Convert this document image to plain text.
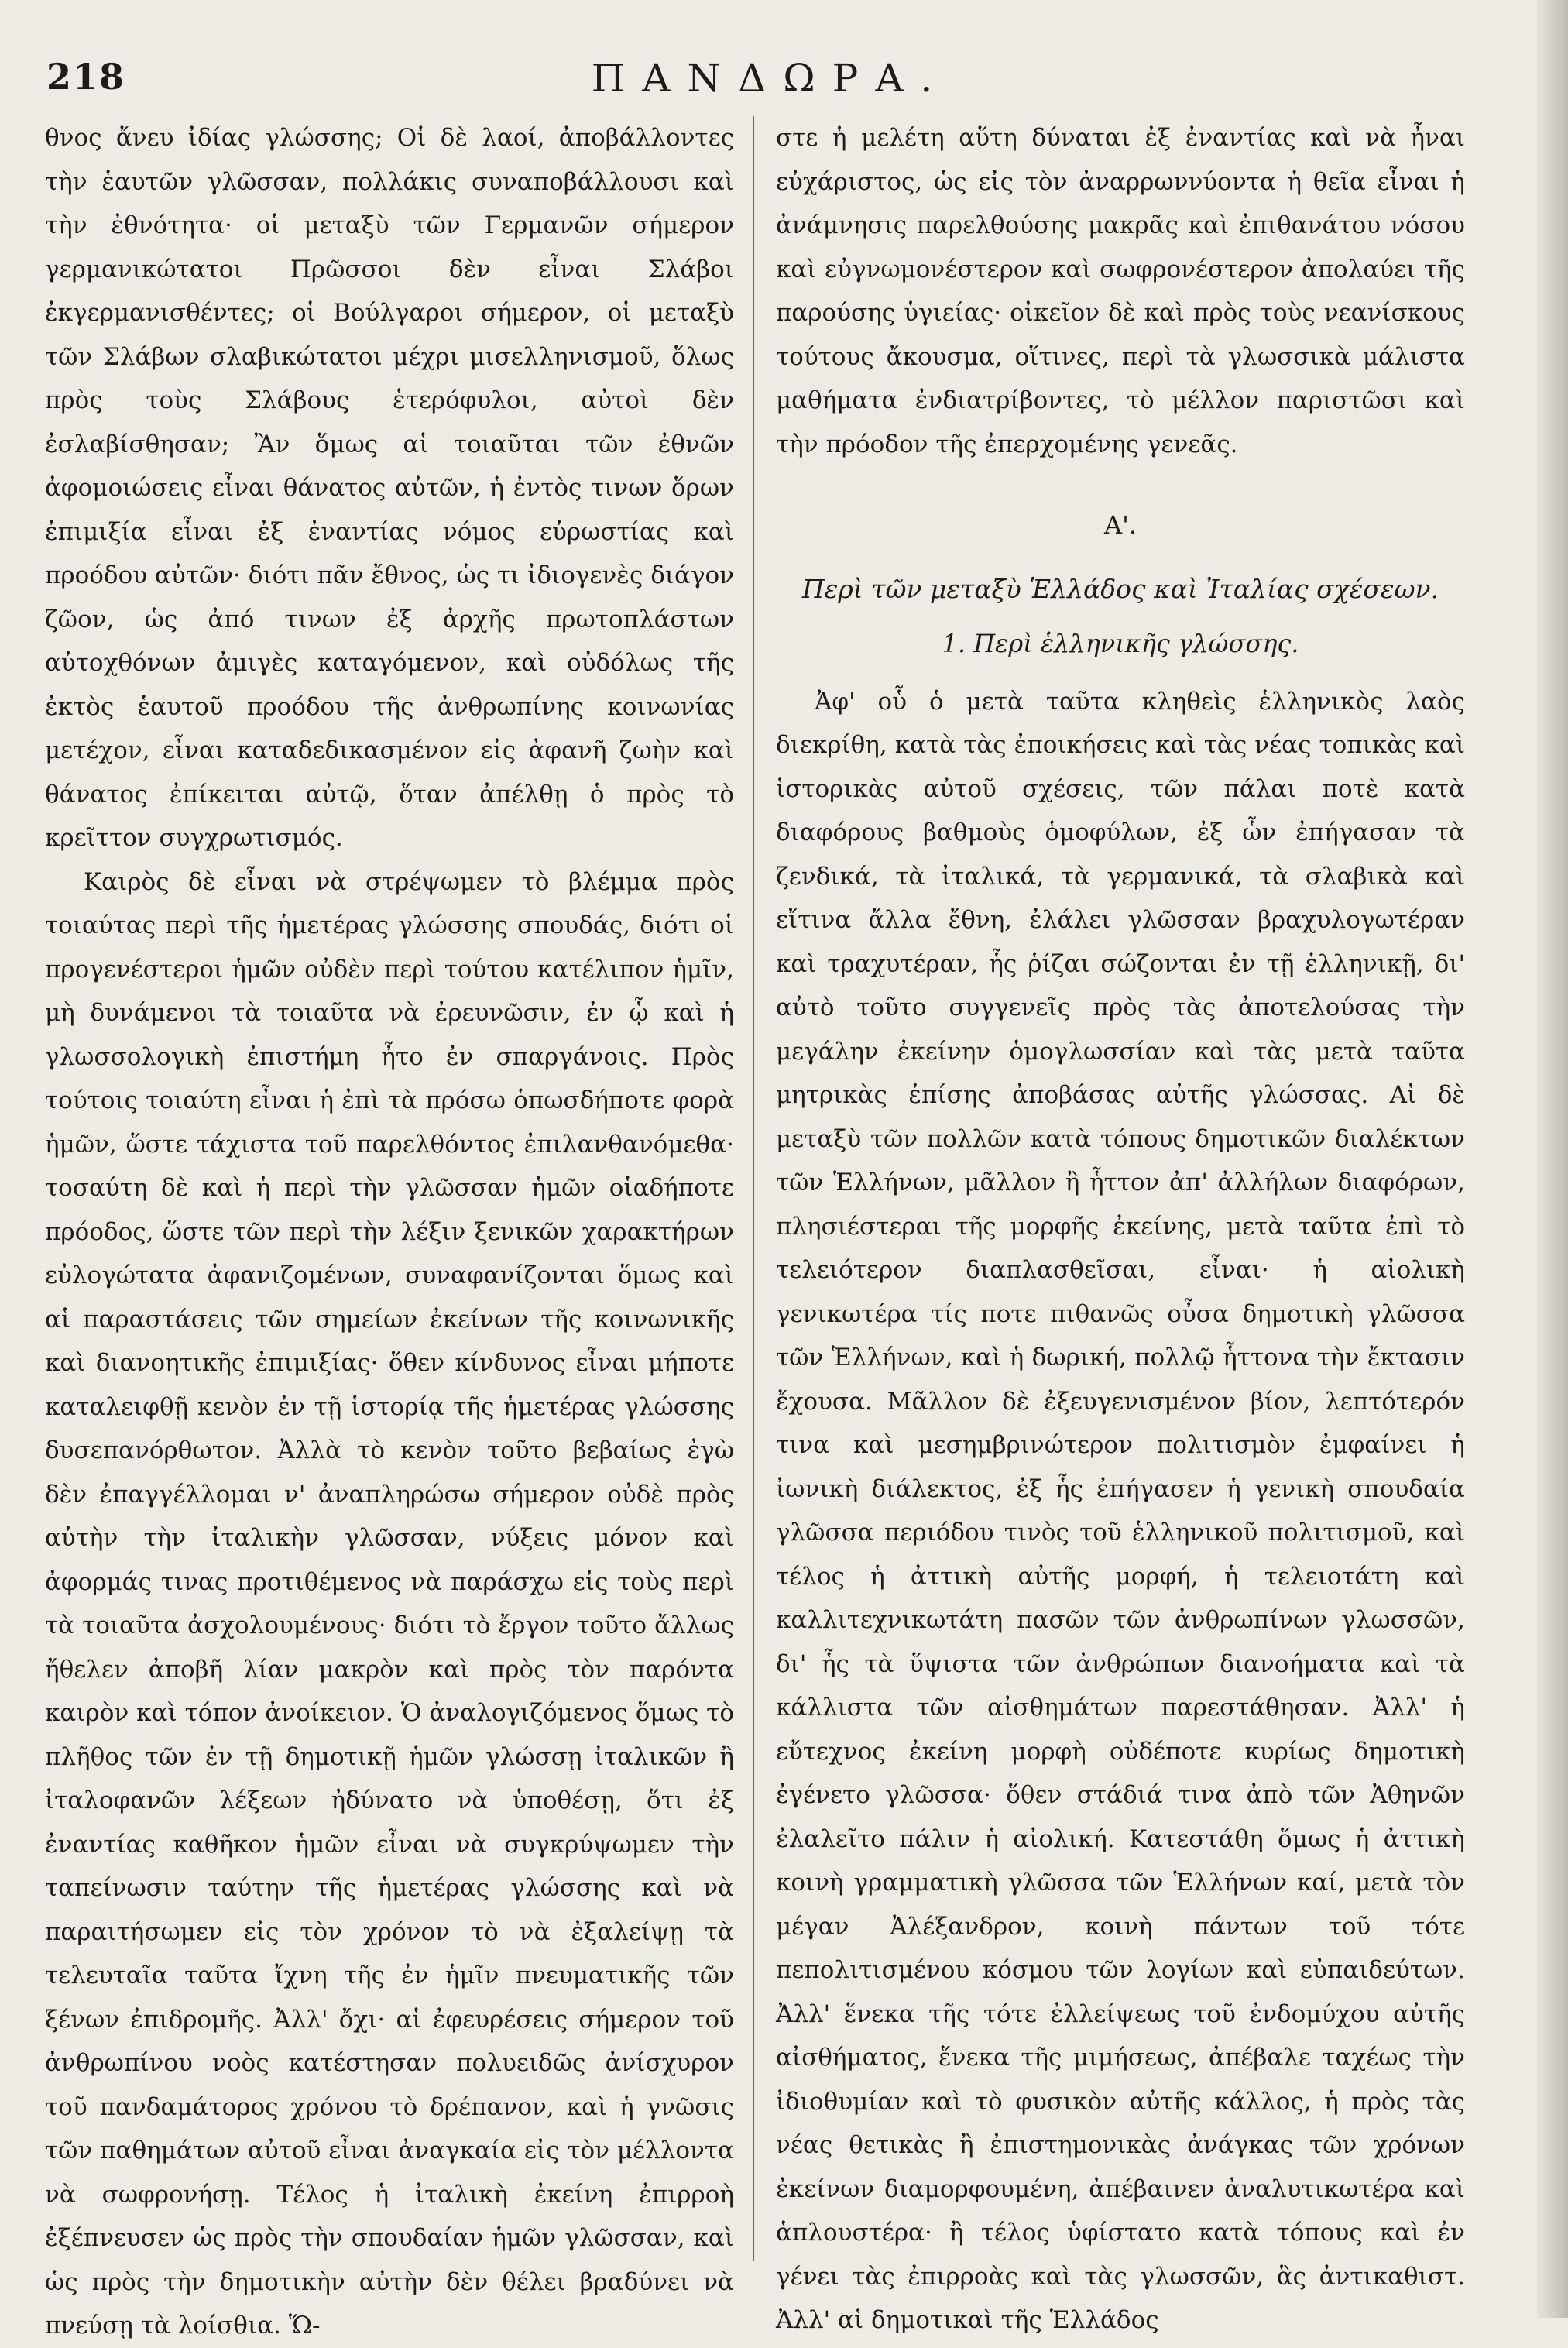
218	ΠΑΝΔΩΡΑ.

θνος ἄνευ ἰδίας γλώσσης; Οἱ δὲ λαοί, ἀποβάλλοντες τὴν ἑαυτῶν γλῶσσαν, πολλάκις συναποβάλλουσι καὶ τὴν ἐθνότητα· οἱ μεταξὺ τῶν Γερμανῶν σήμερον γερμανικώτατοι Πρῶσσοι δὲν εἶναι Σλάβοι ἐκγερμανισθέντες; οἱ Βούλγαροι σήμερον, οἱ μεταξὺ τῶν Σλάβων σλαβικώτατοι μέχρι μισελληνισμοῦ, ὅλως πρὸς τοὺς Σλάβους ἑτερόφυλοι, αὐτοὶ δὲν ἐσλαβίσθησαν; Ἂν ὅμως αἱ τοιαῦται τῶν ἐθνῶν ἀφομοιώσεις εἶναι θάνατος αὐτῶν, ἡ ἐντὸς τινων ὅρων ἐπιμιξία εἶναι ἐξ ἐναντίας νόμος εὐρωστίας καὶ προόδου αὐτῶν· διότι πᾶν ἔθνος, ὡς τι ἰδιογενὲς διάγον ζῶον, ὡς ἀπό τινων ἐξ ἀρχῆς πρωτοπλάστων αὐτοχθόνων ἀμιγὲς καταγόμενον, καὶ οὐδόλως τῆς ἐκτὸς ἑαυτοῦ προόδου τῆς ἀνθρωπίνης κοινωνίας μετέχον, εἶναι καταδεδικασμένον εἰς ἀφανῆ ζωὴν καὶ θάνατος ἐπίκειται αὐτῷ, ὅταν ἀπέλθῃ ὁ πρὸς τὸ κρεῖττον συγχρωτισμός.

Καιρὸς δὲ εἶναι νὰ στρέψωμεν τὸ βλέμμα πρὸς τοιαύτας περὶ τῆς ἡμετέρας γλώσσης σπουδάς, διότι οἱ προγενέστεροι ἡμῶν οὐδὲν περὶ τούτου κατέλιπον ἡμῖν, μὴ δυνάμενοι τὰ τοιαῦτα νὰ ἐρευνῶσιν, ἐν ᾧ καὶ ἡ γλωσσολογικὴ ἐπιστήμη ἦτο ἐν σπαργάνοις. Πρὸς τούτοις τοιαύτη εἶναι ἡ ἐπὶ τὰ πρόσω ὁπωσδήποτε φορὰ ἡμῶν, ὥστε τάχιστα τοῦ παρελθόντος ἐπιλανθανόμεθα· τοσαύτη δὲ καὶ ἡ περὶ τὴν γλῶσσαν ἡμῶν οἱαδήποτε πρόοδος, ὥστε τῶν περὶ τὴν λέξιν ξενικῶν χαρακτήρων εὐλογώτατα ἀφανιζομένων, συναφανίζονται ὅμως καὶ αἱ παραστάσεις τῶν σημείων ἐκείνων τῆς κοινωνικῆς καὶ διανοητικῆς ἐπιμιξίας· ὅθεν κίνδυνος εἶναι μήποτε καταλειφθῇ κενὸν ἐν τῇ ἱστορίᾳ τῆς ἡμετέρας γλώσσης δυσεπανόρθωτον. Ἀλλὰ τὸ κενὸν τοῦτο βεβαίως ἐγὼ δὲν ἐπαγγέλλομαι ν' ἀναπληρώσω σήμερον οὐδὲ πρὸς αὐτὴν τὴν ἰταλικὴν γλῶσσαν, νύξεις μόνον καὶ ἀφορμάς τινας προτιθέμενος νὰ παράσχω εἰς τοὺς περὶ τὰ τοιαῦτα ἀσχολουμένους· διότι τὸ ἔργον τοῦτο ἄλλως ἤθελεν ἀποβῆ λίαν μακρὸν καὶ πρὸς τὸν παρόντα καιρὸν καὶ τόπον ἀνοίκειον. Ὁ ἀναλογιζόμενος ὅμως τὸ πλῆθος τῶν ἐν τῇ δημοτικῇ ἡμῶν γλώσσῃ ἰταλικῶν ἢ ἰταλοφανῶν λέξεων ἠδύνατο νὰ ὑποθέσῃ, ὅτι ἐξ ἐναντίας καθῆκον ἡμῶν εἶναι νὰ συγκρύψωμεν τὴν ταπείνωσιν ταύτην τῆς ἡμετέρας γλώσσης καὶ νὰ παραιτήσωμεν εἰς τὸν χρόνον τὸ νὰ ἐξαλείψῃ τὰ τελευταῖα ταῦτα ἴχνη τῆς ἐν ἡμῖν πνευματικῆς τῶν ξένων ἐπιδρομῆς. Ἀλλ' ὄχι· αἱ ἐφευρέσεις σήμερον τοῦ ἀνθρωπίνου νοὸς κατέστησαν πολυειδῶς ἀνίσχυρον τοῦ πανδαμάτορος χρόνου τὸ δρέπανον, καὶ ἡ γνῶσις τῶν παθημάτων αὐτοῦ εἶναι ἀναγκαία εἰς τὸν μέλλοντα νὰ σωφρονήσῃ. Τέλος ἡ ἰταλικὴ ἐκείνη ἐπιρροὴ ἐξέπνευσεν ὡς πρὸς τὴν σπουδαίαν ἡμῶν γλῶσσαν, καὶ ὡς πρὸς τὴν δημοτικὴν αὐτὴν δὲν θέλει βραδύνει νὰ πνεύσῃ τὰ λοίσθια. Ὥ-

στε ἡ μελέτη αὕτη δύναται ἐξ ἐναντίας καὶ νὰ ἦναι εὐχάριστος, ὡς εἰς τὸν ἀναρρωννύοντα ἡ θεῖα εἶναι ἡ ἀνάμνησις παρελθούσης μακρᾶς καὶ ἐπιθανάτου νόσου καὶ εὐγνωμονέστερον καὶ σωφρονέστερον ἀπολαύει τῆς παρούσης ὑγιείας· οἰκεῖον δὲ καὶ πρὸς τοὺς νεανίσκους τούτους ἄκουσμα, οἵτινες, περὶ τὰ γλωσσικὰ μάλιστα μαθήματα ἐνδιατρίβοντες, τὸ μέλλον παριστῶσι καὶ τὴν πρόοδον τῆς ἐπερχομένης γενεᾶς.

Α'.
Περὶ τῶν μεταξὺ Ἑλλάδος καὶ Ἰταλίας σχέσεων.
1. Περὶ ἑλληνικῆς γλώσσης.

Ἀφ' οὗ ὁ μετὰ ταῦτα κληθεὶς ἑλληνικὸς λαὸς διεκρίθη, κατὰ τὰς ἐποικήσεις καὶ τὰς νέας τοπικὰς καὶ ἱστορικὰς αὐτοῦ σχέσεις, τῶν πάλαι ποτὲ κατὰ διαφόρους βαθμοὺς ὁμοφύλων, ἐξ ὧν ἐπήγασαν τὰ ζενδικά, τὰ ἰταλικά, τὰ γερμανικά, τὰ σλαβικὰ καὶ εἴτινα ἄλλα ἔθνη, ἐλάλει γλῶσσαν βραχυλογωτέραν καὶ τραχυτέραν, ἧς ῥίζαι σώζονται ἐν τῇ ἑλληνικῇ, δι' αὐτὸ τοῦτο συγγενεῖς πρὸς τὰς ἀποτελούσας τὴν μεγάλην ἐκείνην ὁμογλωσσίαν καὶ τὰς μετὰ ταῦτα μητρικὰς ἐπίσης ἀποβάσας αὐτῆς γλώσσας. Αἱ δὲ μεταξὺ τῶν πολλῶν κατὰ τόπους δημοτικῶν διαλέκτων τῶν Ἑλλήνων, μᾶλλον ἢ ἧττον ἀπ' ἀλλήλων διαφόρων, πλησιέστεραι τῆς μορφῆς ἐκείνης, μετὰ ταῦτα ἐπὶ τὸ τελειότερον διαπλασθεῖσαι, εἶναι· ἡ αἰολικὴ γενικωτέρα τίς ποτε πιθανῶς οὖσα δημοτικὴ γλῶσσα τῶν Ἑλλήνων, καὶ ἡ δωρική, πολλῷ ἧττονα τὴν ἔκτασιν ἔχουσα. Μᾶλλον δὲ ἐξευγενισμένον βίον, λεπτότερόν τινα καὶ μεσημβρινώτερον πολιτισμὸν ἐμφαίνει ἡ ἰωνικὴ διάλεκτος, ἐξ ἧς ἐπήγασεν ἡ γενικὴ σπουδαία γλῶσσα περιόδου τινὸς τοῦ ἑλληνικοῦ πολιτισμοῦ, καὶ τέλος ἡ ἀττικὴ αὐτῆς μορφή, ἡ τελειοτάτη καὶ καλλιτεχνικωτάτη πασῶν τῶν ἀνθρωπίνων γλωσσῶν, δι' ἧς τὰ ὕψιστα τῶν ἀνθρώπων διανοήματα καὶ τὰ κάλλιστα τῶν αἰσθημάτων παρεστάθησαν. Ἀλλ' ἡ εὔτεχνος ἐκείνη μορφὴ οὐδέποτε κυρίως δημοτικὴ ἐγένετο γλῶσσα· ὅθεν στάδιά τινα ἀπὸ τῶν Ἀθηνῶν ἐλαλεῖτο πάλιν ἡ αἰολική. Κατεστάθη ὅμως ἡ ἀττικὴ κοινὴ γραμματικὴ γλῶσσα τῶν Ἑλλήνων καί, μετὰ τὸν μέγαν Ἀλέξανδρον, κοινὴ πάντων τοῦ τότε πεπολιτισμένου κόσμου τῶν λογίων καὶ εὐπαιδεύτων. Ἀλλ' ἕνεκα τῆς τότε ἐλλείψεως τοῦ ἐνδομύχου αὐτῆς αἰσθήματος, ἕνεκα τῆς μιμήσεως, ἀπέβαλε ταχέως τὴν ἰδιοθυμίαν καὶ τὸ φυσικὸν αὐτῆς κάλλος, ἡ πρὸς τὰς νέας θετικὰς ἢ ἐπιστημονικὰς ἀνάγκας τῶν χρόνων ἐκείνων διαμορφουμένη, ἀπέβαινεν ἀναλυτικωτέρα καὶ ἁπλουστέρα· ἢ τέλος ὑφίστατο κατὰ τόπους καὶ ἐν γένει τὰς ἐπιρροὰς καὶ τὰς γλωσσῶν, ἃς ἀντικαθιστ. Ἀλλ' αἱ δημοτικαὶ τῆς Ἑλλάδος
